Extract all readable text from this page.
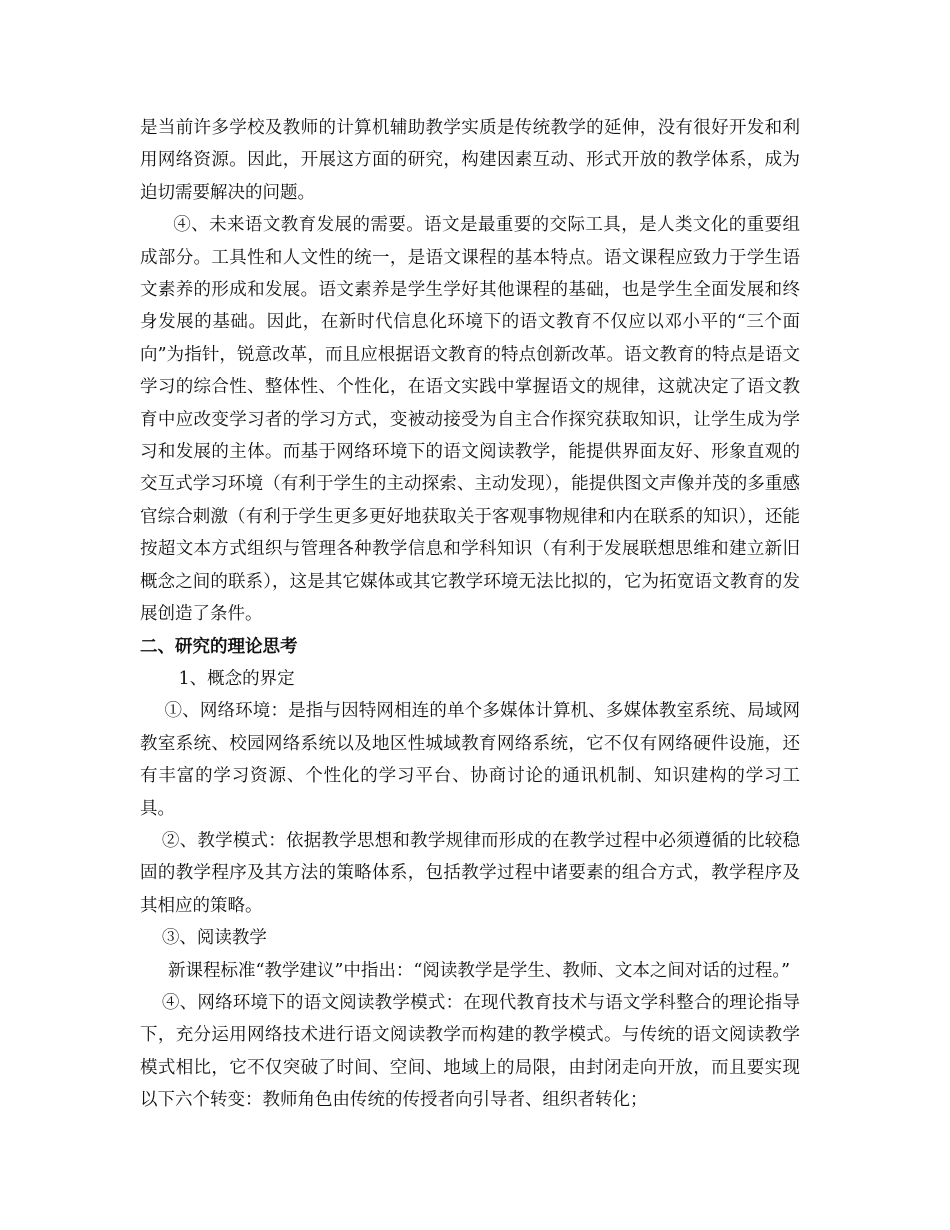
是当前许多学校及教师的计算机辅助教学实质是传统教学的延伸，没有很好开发和利用网络资源。因此，开展这方面的研究，构建因素互动、形式开放的教学体系，成为迫切需要解决的问题。

④、未来语文教育发展的需要。语文是最重要的交际工具，是人类文化的重要组成部分。工具性和人文性的统一，是语文课程的基本特点。语文课程应致力于学生语文素养的形成和发展。语文素养是学生学好其他课程的基础，也是学生全面发展和终身发展的基础。因此，在新时代信息化环境下的语文教育不仅应以邓小平的“三个面向”为指针，锐意改革，而且应根据语文教育的特点创新改革。语文教育的特点是语文学习的综合性、整体性、个性化，在语文实践中掌握语文的规律，这就决定了语文教育中应改变学习者的学习方式，变被动接受为自主合作探究获取知识，让学生成为学习和发展的主体。而基于网络环境下的语文阅读教学，能提供界面友好、形象直观的交互式学习环境（有利于学生的主动探索、主动发现），能提供图文声像并茂的多重感官综合刺激（有利于学生更多更好地获取关于客观事物规律和内在联系的知识），还能按超文本方式组织与管理各种教学信息和学科知识（有利于发展联想思维和建立新旧概念之间的联系），这是其它媒体或其它教学环境无法比拟的，它为拓宽语文教育的发展创造了条件。

二、研究的理论思考

1、概念的界定

①、网络环境：是指与因特网相连的单个多媒体计算机、多媒体教室系统、局域网教室系统、校园网络系统以及地区性城域教育网络系统，它不仅有网络硬件设施，还有丰富的学习资源、个性化的学习平台、协商讨论的通讯机制、知识建构的学习工具。

②、教学模式：依据教学思想和教学规律而形成的在教学过程中必须遵循的比较稳固的教学程序及其方法的策略体系，包括教学过程中诸要素的组合方式，教学程序及其相应的策略。

③、阅读教学

新课程标准“教学建议”中指出：“阅读教学是学生、教师、文本之间对话的过程。”

④、网络环境下的语文阅读教学模式：在现代教育技术与语文学科整合的理论指导下，充分运用网络技术进行语文阅读教学而构建的教学模式。与传统的语文阅读教学模式相比，它不仅突破了时间、空间、地域上的局限，由封闭走向开放，而且要实现以下六个转变：教师角色由传统的传授者向引导者、组织者转化；
